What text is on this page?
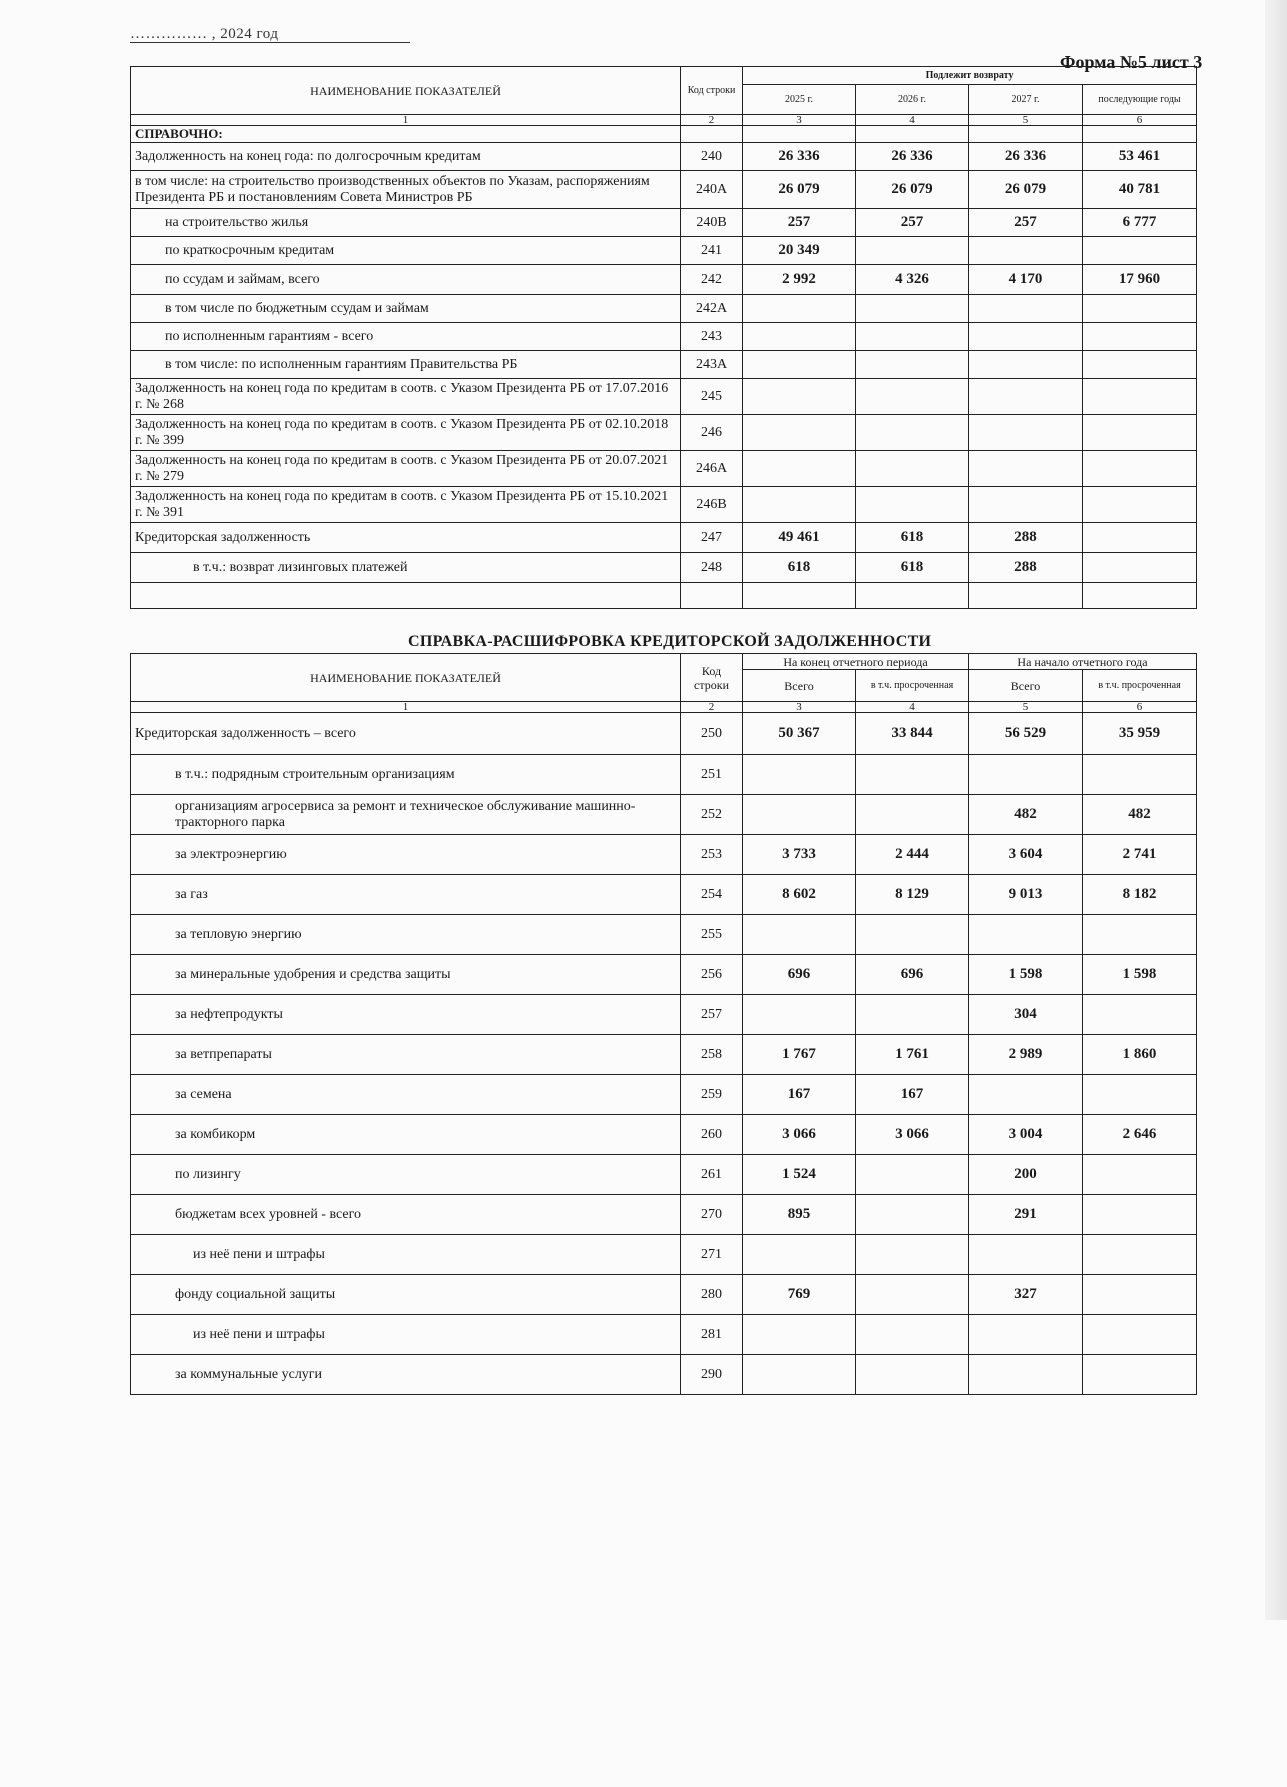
…………… , 2024 год
Форма №5 лист 3
НАИМЕНОВАНИЕ ПОКАЗАТЕЛЕЙ	Код строки	Подлежит возврату			
		2025 г.	2026 г.	2027 г.	последующие годы
1	2	3	4	5	6
СПРАВОЧНО:					
Задолженность на конец года: по долгосрочным кредитам	240	26 336	26 336	26 336	53 461
в том числе: на строительство производственных объектов по Указам, распоряжениям Президента РБ и постановлениям Совета Министров РБ	240А	26 079	26 079	26 079	40 781
на строительство жилья	240В	257	257	257	6 777
по краткосрочным кредитам	241	20 349			
по ссудам и займам, всего	242	2 992	4 326	4 170	17 960
в том числе по бюджетным ссудам и займам	242А				
по исполненным гарантиям - всего	243				
в том числе: по исполненным гарантиям Правительства РБ	243А				
Задолженность на конец года по кредитам в соотв. с Указом Президента РБ от 17.07.2016 г. № 268	245				
Задолженность на конец года по кредитам в соотв. с Указом Президента РБ от 02.10.2018 г. № 399	246				
Задолженность на конец года по кредитам в соотв. с Указом Президента РБ от 20.07.2021 г. № 279	246А				
Задолженность на конец года по кредитам в соотв. с Указом Президента РБ от 15.10.2021 г. № 391	246В				
Кредиторская задолженность	247	49 461	618	288	
в т.ч.: возврат лизинговых платежей	248	618	618	288	

СПРАВКА-РАСШИФРОВКА КРЕДИТОРСКОЙ ЗАДОЛЖЕННОСТИ
НАИМЕНОВАНИЕ ПОКАЗАТЕЛЕЙ	Код строки	На конец отчетного периода		На начало отчетного года	
		Всего	в т.ч. просроченная	Всего	в т.ч. просроченная
1	2	3	4	5	6
Кредиторская задолженность – всего	250	50 367	33 844	56 529	35 959
в т.ч.: подрядным строительным организациям	251				
организациям агросервиса за ремонт и техническое обслуживание машинно-тракторного парка	252			482	482
за электроэнергию	253	3 733	2 444	3 604	2 741
за газ	254	8 602	8 129	9 013	8 182
за тепловую энергию	255				
за минеральные удобрения и средства защиты	256	696	696	1 598	1 598
за нефтепродукты	257			304	
за ветпрепараты	258	1 767	1 761	2 989	1 860
за семена	259	167	167		
за комбикорм	260	3 066	3 066	3 004	2 646
по лизингу	261	1 524		200	
бюджетам всех уровней - всего	270	895		291	
из неё пени и штрафы	271				
фонду социальной защиты	280	769		327	
из неё пени и штрафы	281				
за коммунальные услуги	290				
